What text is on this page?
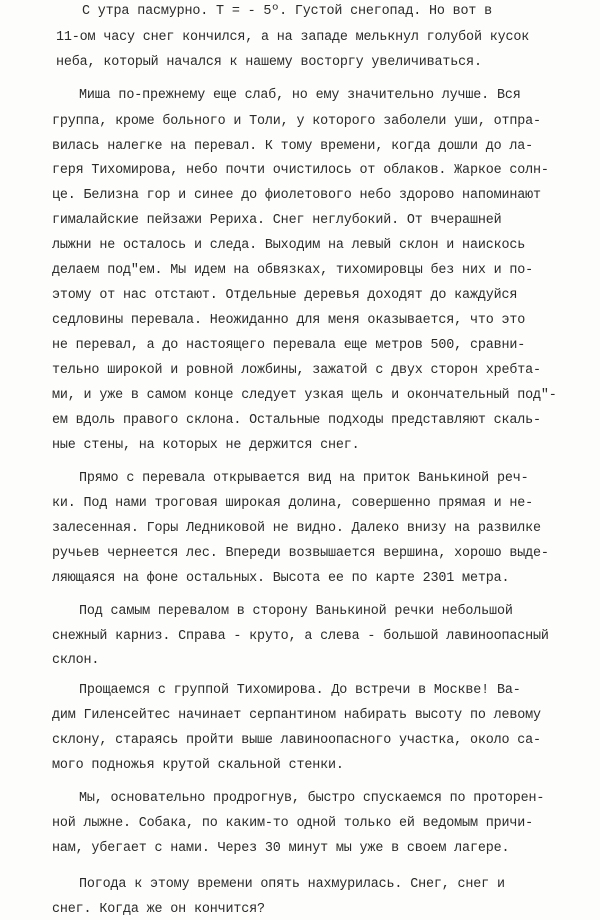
С утра пасмурно. Т = - 5º. Густой снегопад. Но вот в
11-ом часу снег кончился, а на западе мелькнул голубой кусок
неба, который начался к нашему восторгу увеличиваться.
Миша по-прежнему еще слаб, но ему значительно лучше. Вся
группа, кроме больного и Толи, у которого заболели уши, отпра-
вилась налегке на перевал. К тому времени, когда дошли до ла-
геря Тихомирова, небо почти очистилось от облаков. Жаркое солн-
це. Белизна гор и синее до фиолетового небо здорово напоминают
гималайские пейзажи Рериха. Снег неглубокий. От вчерашней
лыжни не осталось и следа. Выходим на левый склон и наискось
делаем под"ем. Мы идем на обвязках, тихомировцы без них и по-
этому от нас отстают. Отдельные деревья доходят до каждуйся
седловины перевала. Неожиданно для меня оказывается, что это
не перевал, а до настоящего перевала еще метров 500, сравни-
тельно широкой и ровной ложбины, зажатой с двух сторон хребта-
ми, и уже в самом конце следует узкая щель и окончательный под"-
ем вдоль правого склона. Остальные подходы представляют скаль-
ные стены, на которых не держится снег.
Прямо с перевала открывается вид на приток Ванькиной реч-
ки. Под нами троговая широкая долина, совершенно прямая и не-
залесенная. Горы Ледниковой не видно. Далеко внизу на развилке
ручьев чернеется лес. Впереди возвышается вершина, хорошо выде-
ляющаяся на фоне остальных. Высота ее по карте 2301 метра.
Под самым перевалом в сторону Ванькиной речки небольшой
снежный карниз. Справа - круто, а слева - большой лавиноопасный
склон.
Прощаемся с группой Тихомирова. До встречи в Москве! Ва-
дим Гиленсейтес начинает серпантином набирать высоту по левому
склону, стараясь пройти выше лавиноопасного участка, около са-
мого подножья крутой скальной стенки.
Мы, основательно продрогнув, быстро спускаемся по проторен-
ной лыжне. Собака, по каким-то одной только ей ведомым причи-
нам, убегает с нами. Через 30 минут мы уже в своем лагере.
Погода к этому времени опять нахмурилась. Снег, снег и
снег. Когда же он кончится?
